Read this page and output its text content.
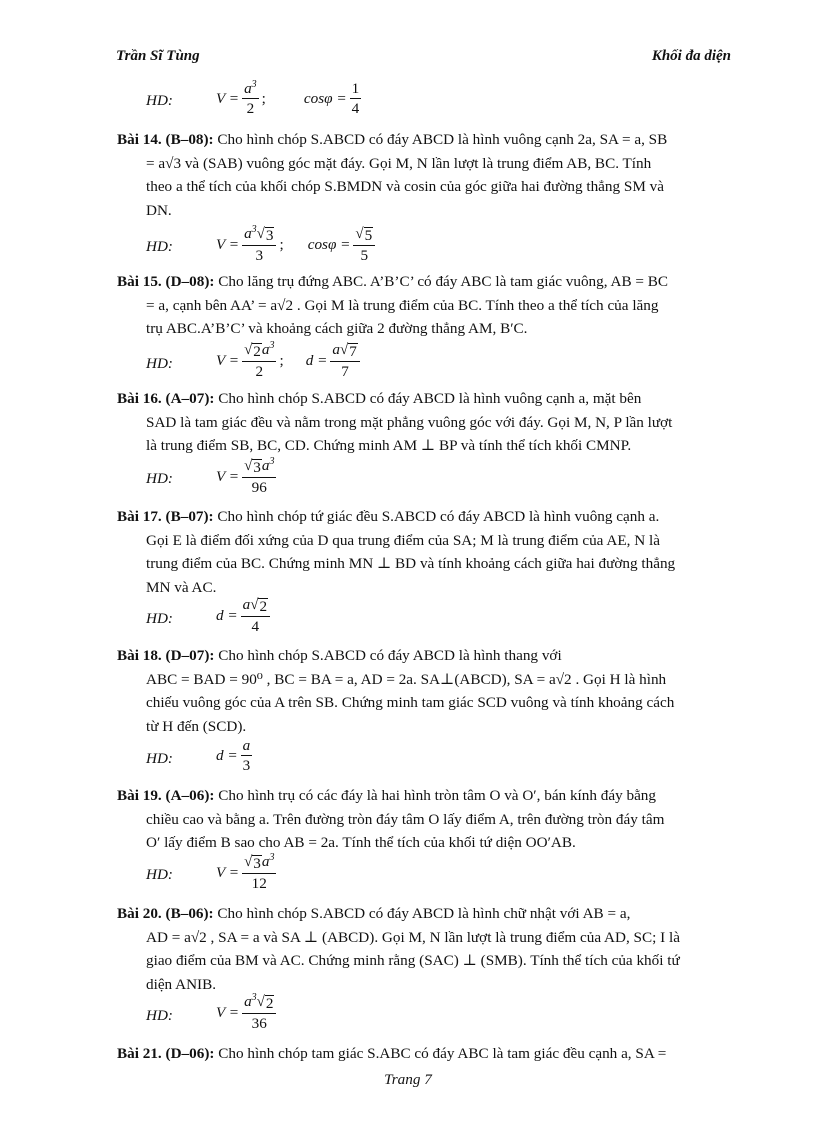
Trần Sĩ Tùng	Khối đa diện
HD:	$V = \frac{a^3}{2}$ ;	$\cos\varphi = \frac{1}{4}$
Bài 14. (B–08): Cho hình chóp S.ABCD có đáy ABCD là hình vuông cạnh 2a, SA = a, SB
= a√3 và (SAB) vuông góc mặt đáy. Gọi M, N lần lượt là trung điểm AB, BC. Tính
theo a thể tích của khối chóp S.BMDN và cosin của góc giữa hai đường thẳng SM và
DN.
HD:	$V = \frac{a^3 √ 3}{3}$ ; $\cos\varphi = \frac{√ 5}{5}$
Bài 15. (D–08): Cho lăng trụ đứng ABC. A’B’C’ có đáy ABC là tam giác vuông, AB = BC
= a, cạnh bên AA’ = a√2 . Gọi M là trung điểm của BC. Tính theo a thể tích của lăng
trụ ABC.A’B’C’ và khoảng cách giữa 2 đường thẳng AM, B′C.
HD:	$V = \frac{√ 2 a^3}{2}$ ; $d = \frac{a √ 7}{7}$
Bài 16. (A–07): Cho hình chóp S.ABCD có đáy ABCD là hình vuông cạnh a, mặt bên
SAD là tam giác đều và nằm trong mặt phẳng vuông góc với đáy. Gọi M, N, P lần lượt
là trung điểm SB, BC, CD. Chứng minh AM ⊥ BP và tính thể tích khối CMNP.
HD:	$V = \frac{√ 3 a^3}{96}$
Bài 17. (B–07): Cho hình chóp tứ giác đều S.ABCD có đáy ABCD là hình vuông cạnh a.
Gọi E là điểm đối xứng của D qua trung điểm của SA; M là trung điểm của AE, N là
trung điểm của BC. Chứng minh MN ⊥ BD và tính khoảng cách giữa hai đường thẳng
MN và AC.
HD:	$d = \frac{a √ 2}{4}$
Bài 18. (D–07): Cho hình chóp S.ABCD có đáy ABCD là hình thang với
ABC = BAD = 90⁰ , BC = BA = a, AD = 2a. SA⊥(ABCD), SA = a√2 . Gọi H là hình
chiếu vuông góc của A trên SB. Chứng minh tam giác SCD vuông và tính khoảng cách
từ H đến (SCD).
HD:	$d = \frac{a}{3}$
Bài 19. (A–06): Cho hình trụ có các đáy là hai hình tròn tâm O và O′, bán kính đáy bằng
chiều cao và bằng a. Trên đường tròn đáy tâm O lấy điểm A, trên đường tròn đáy tâm
O′ lấy điểm B sao cho AB = 2a. Tính thể tích của khối tứ diện OO′AB.
HD:	$V = \frac{√ 3 a^3}{12}$
Bài 20. (B–06): Cho hình chóp S.ABCD có đáy ABCD là hình chữ nhật với AB = a,
AD = a√2 , SA = a và SA ⊥ (ABCD). Gọi M, N lần lượt là trung điểm của AD, SC; I là
giao điểm của BM và AC. Chứng minh rằng (SAC) ⊥ (SMB). Tính thể tích của khối tứ
diện ANIB.
HD:	$V = \frac{a^3 √ 2}{36}$
Bài 21. (D–06): Cho hình chóp tam giác S.ABC có đáy ABC là tam giác đều cạnh a, SA =
Trang 7
